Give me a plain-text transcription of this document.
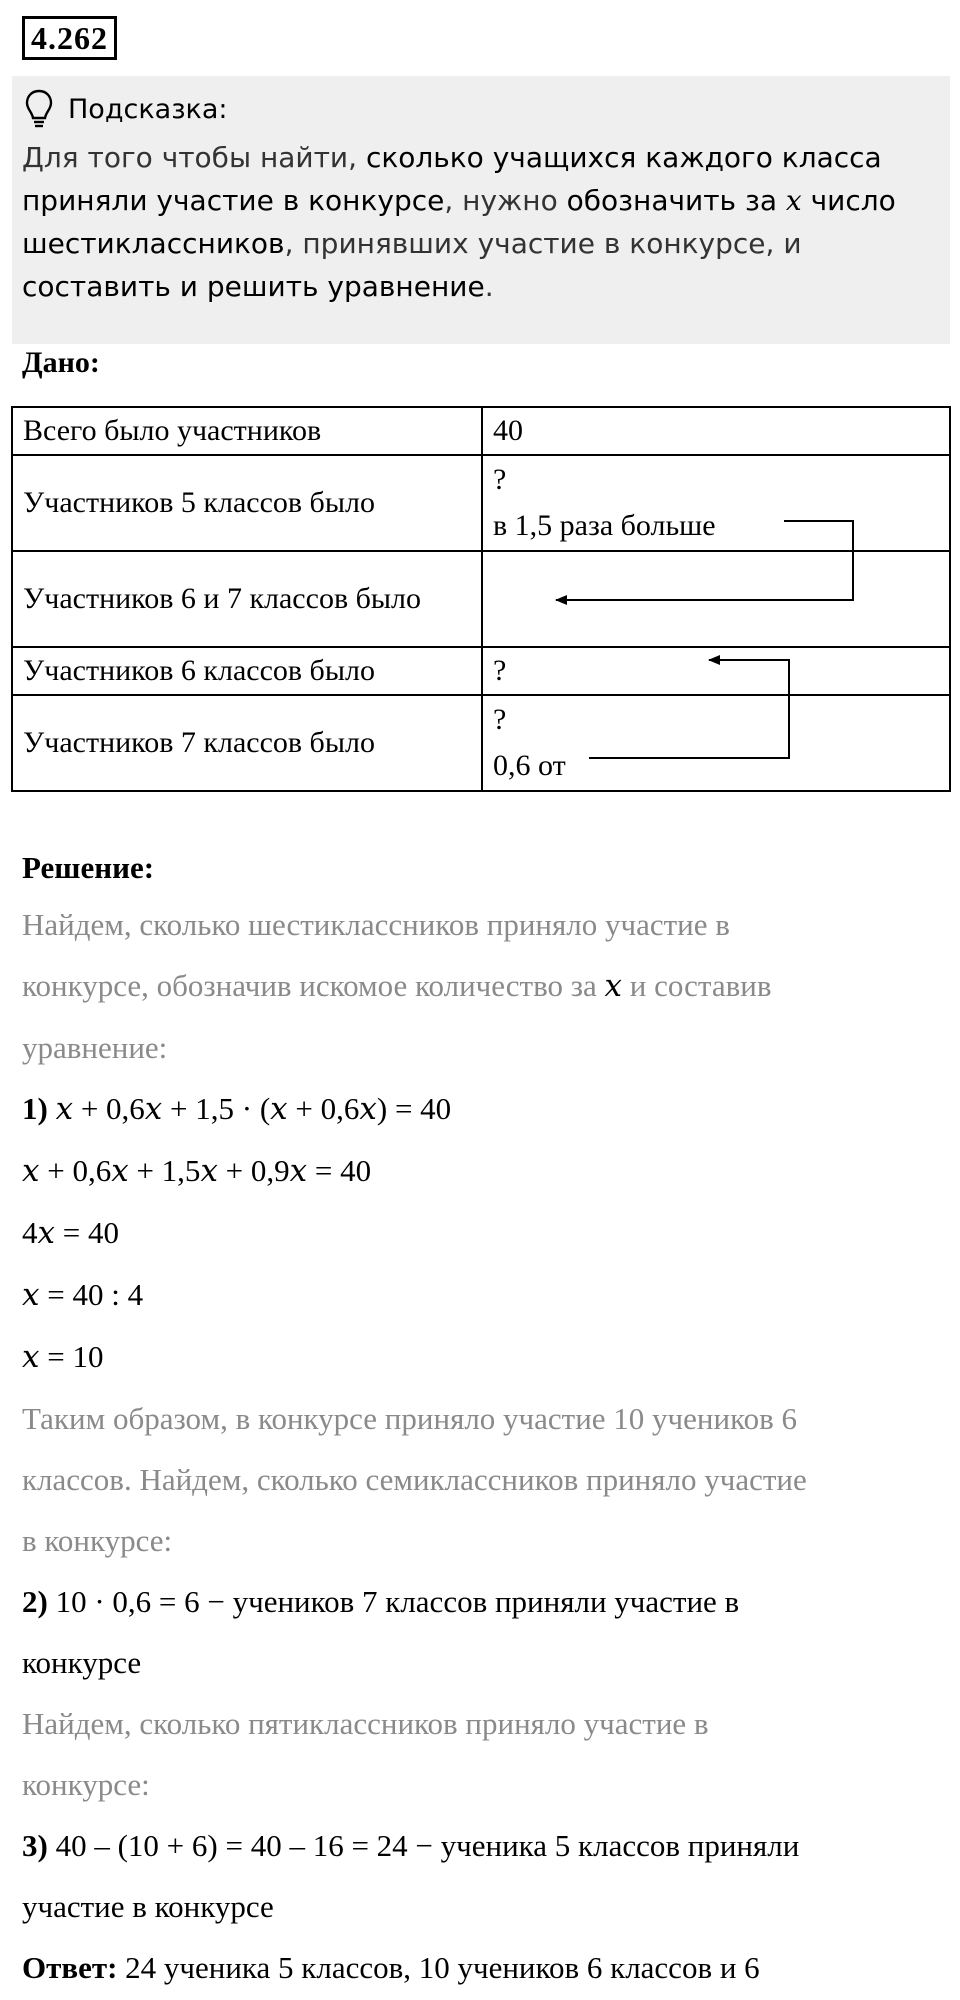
4.262
Подсказка:
Для того чтобы найти, сколько учащихся каждого класса приняли участие в конкурсе, нужно обозначить за x число шестиклассников, принявших участие в конкурсе, и составить и решить уравнение.
Дано:
Всего было участников	40

Участников 5 классов было	?
в 1,5 раза больше

Участников 6 и 7 классов было	

Участников 6 классов было	?

Участников 7 классов было	?
0,6 от
Решение:
Найдем, сколько шестиклассников приняло участие в
конкурсе, обозначив искомое количество за x и составив
уравнение:
1) x + 0,6x + 1,5 · (x + 0,6x) = 40
x + 0,6x + 1,5x + 0,9x = 40
4x = 40
x = 40 : 4
x = 10
Таким образом, в конкурсе приняло участие 10 учеников 6
классов. Найдем, сколько семиклассников приняло участие
в конкурсе:
2) 10 · 0,6 = 6 − учеников 7 классов приняли участие в
конкурсе
Найдем, сколько пятиклассников приняло участие в
конкурсе:
3) 40 – (10 + 6) = 40 – 16 = 24 − ученика 5 классов приняли
участие в конкурсе
Ответ: 24 ученика 5 классов, 10 учеников 6 классов и 6
